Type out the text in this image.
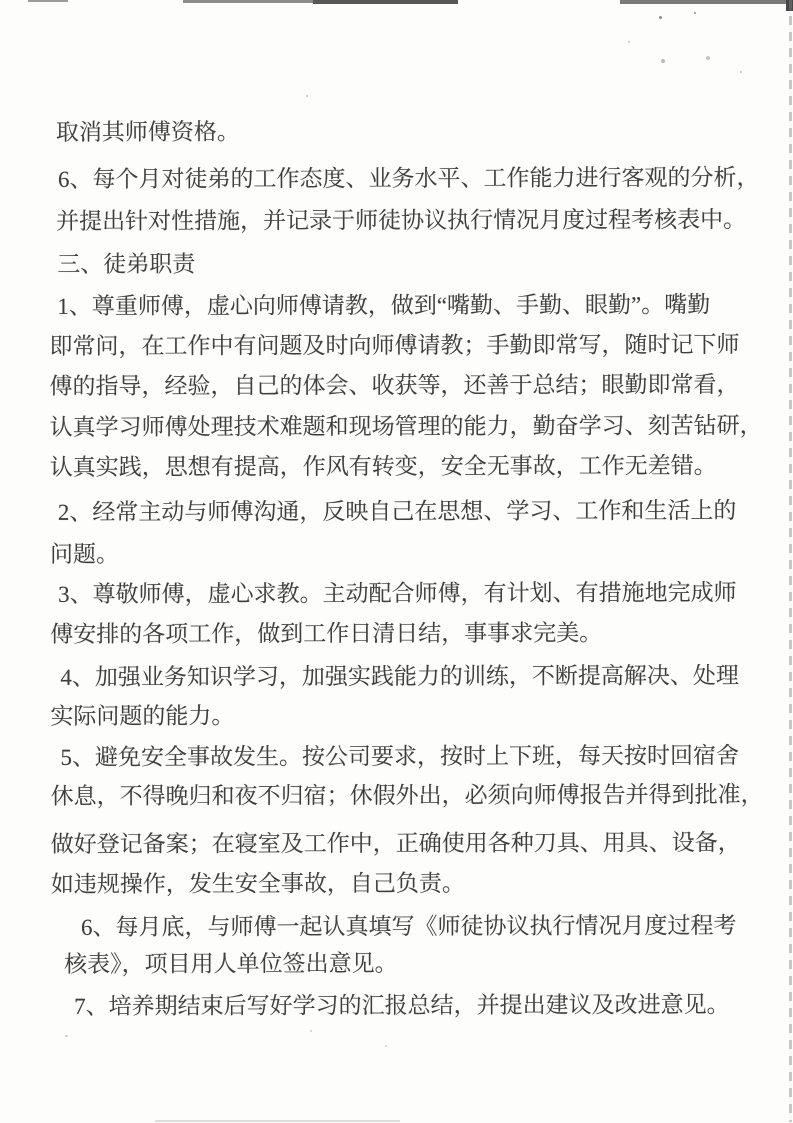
取消其师傅资格。
6、每个月对徒弟的工作态度、业务水平、工作能力进行客观的分析，
并提出针对性措施，并记录于师徒协议执行情况月度过程考核表中。
三、徒弟职责
1、尊重师傅，虚心向师傅请教，做到“嘴勤、手勤、眼勤”。嘴勤
即常问，在工作中有问题及时向师傅请教；手勤即常写，随时记下师
傅的指导，经验，自己的体会、收获等，还善于总结；眼勤即常看，
认真学习师傅处理技术难题和现场管理的能力，勤奋学习、刻苦钻研，
认真实践，思想有提高，作风有转变，安全无事故，工作无差错。
2、经常主动与师傅沟通，反映自己在思想、学习、工作和生活上的
问题。
3、尊敬师傅，虚心求教。主动配合师傅，有计划、有措施地完成师
傅安排的各项工作，做到工作日清日结，事事求完美。
4、加强业务知识学习，加强实践能力的训练，不断提高解决、处理
实际问题的能力。
5、避免安全事故发生。按公司要求，按时上下班，每天按时回宿舍
休息，不得晚归和夜不归宿；休假外出，必须向师傅报告并得到批准，
做好登记备案；在寝室及工作中，正确使用各种刀具、用具、设备，
如违规操作，发生安全事故，自己负责。
6、每月底，与师傅一起认真填写《师徒协议执行情况月度过程考
核表》，项目用人单位签出意见。
7、培养期结束后写好学习的汇报总结，并提出建议及改进意见。
